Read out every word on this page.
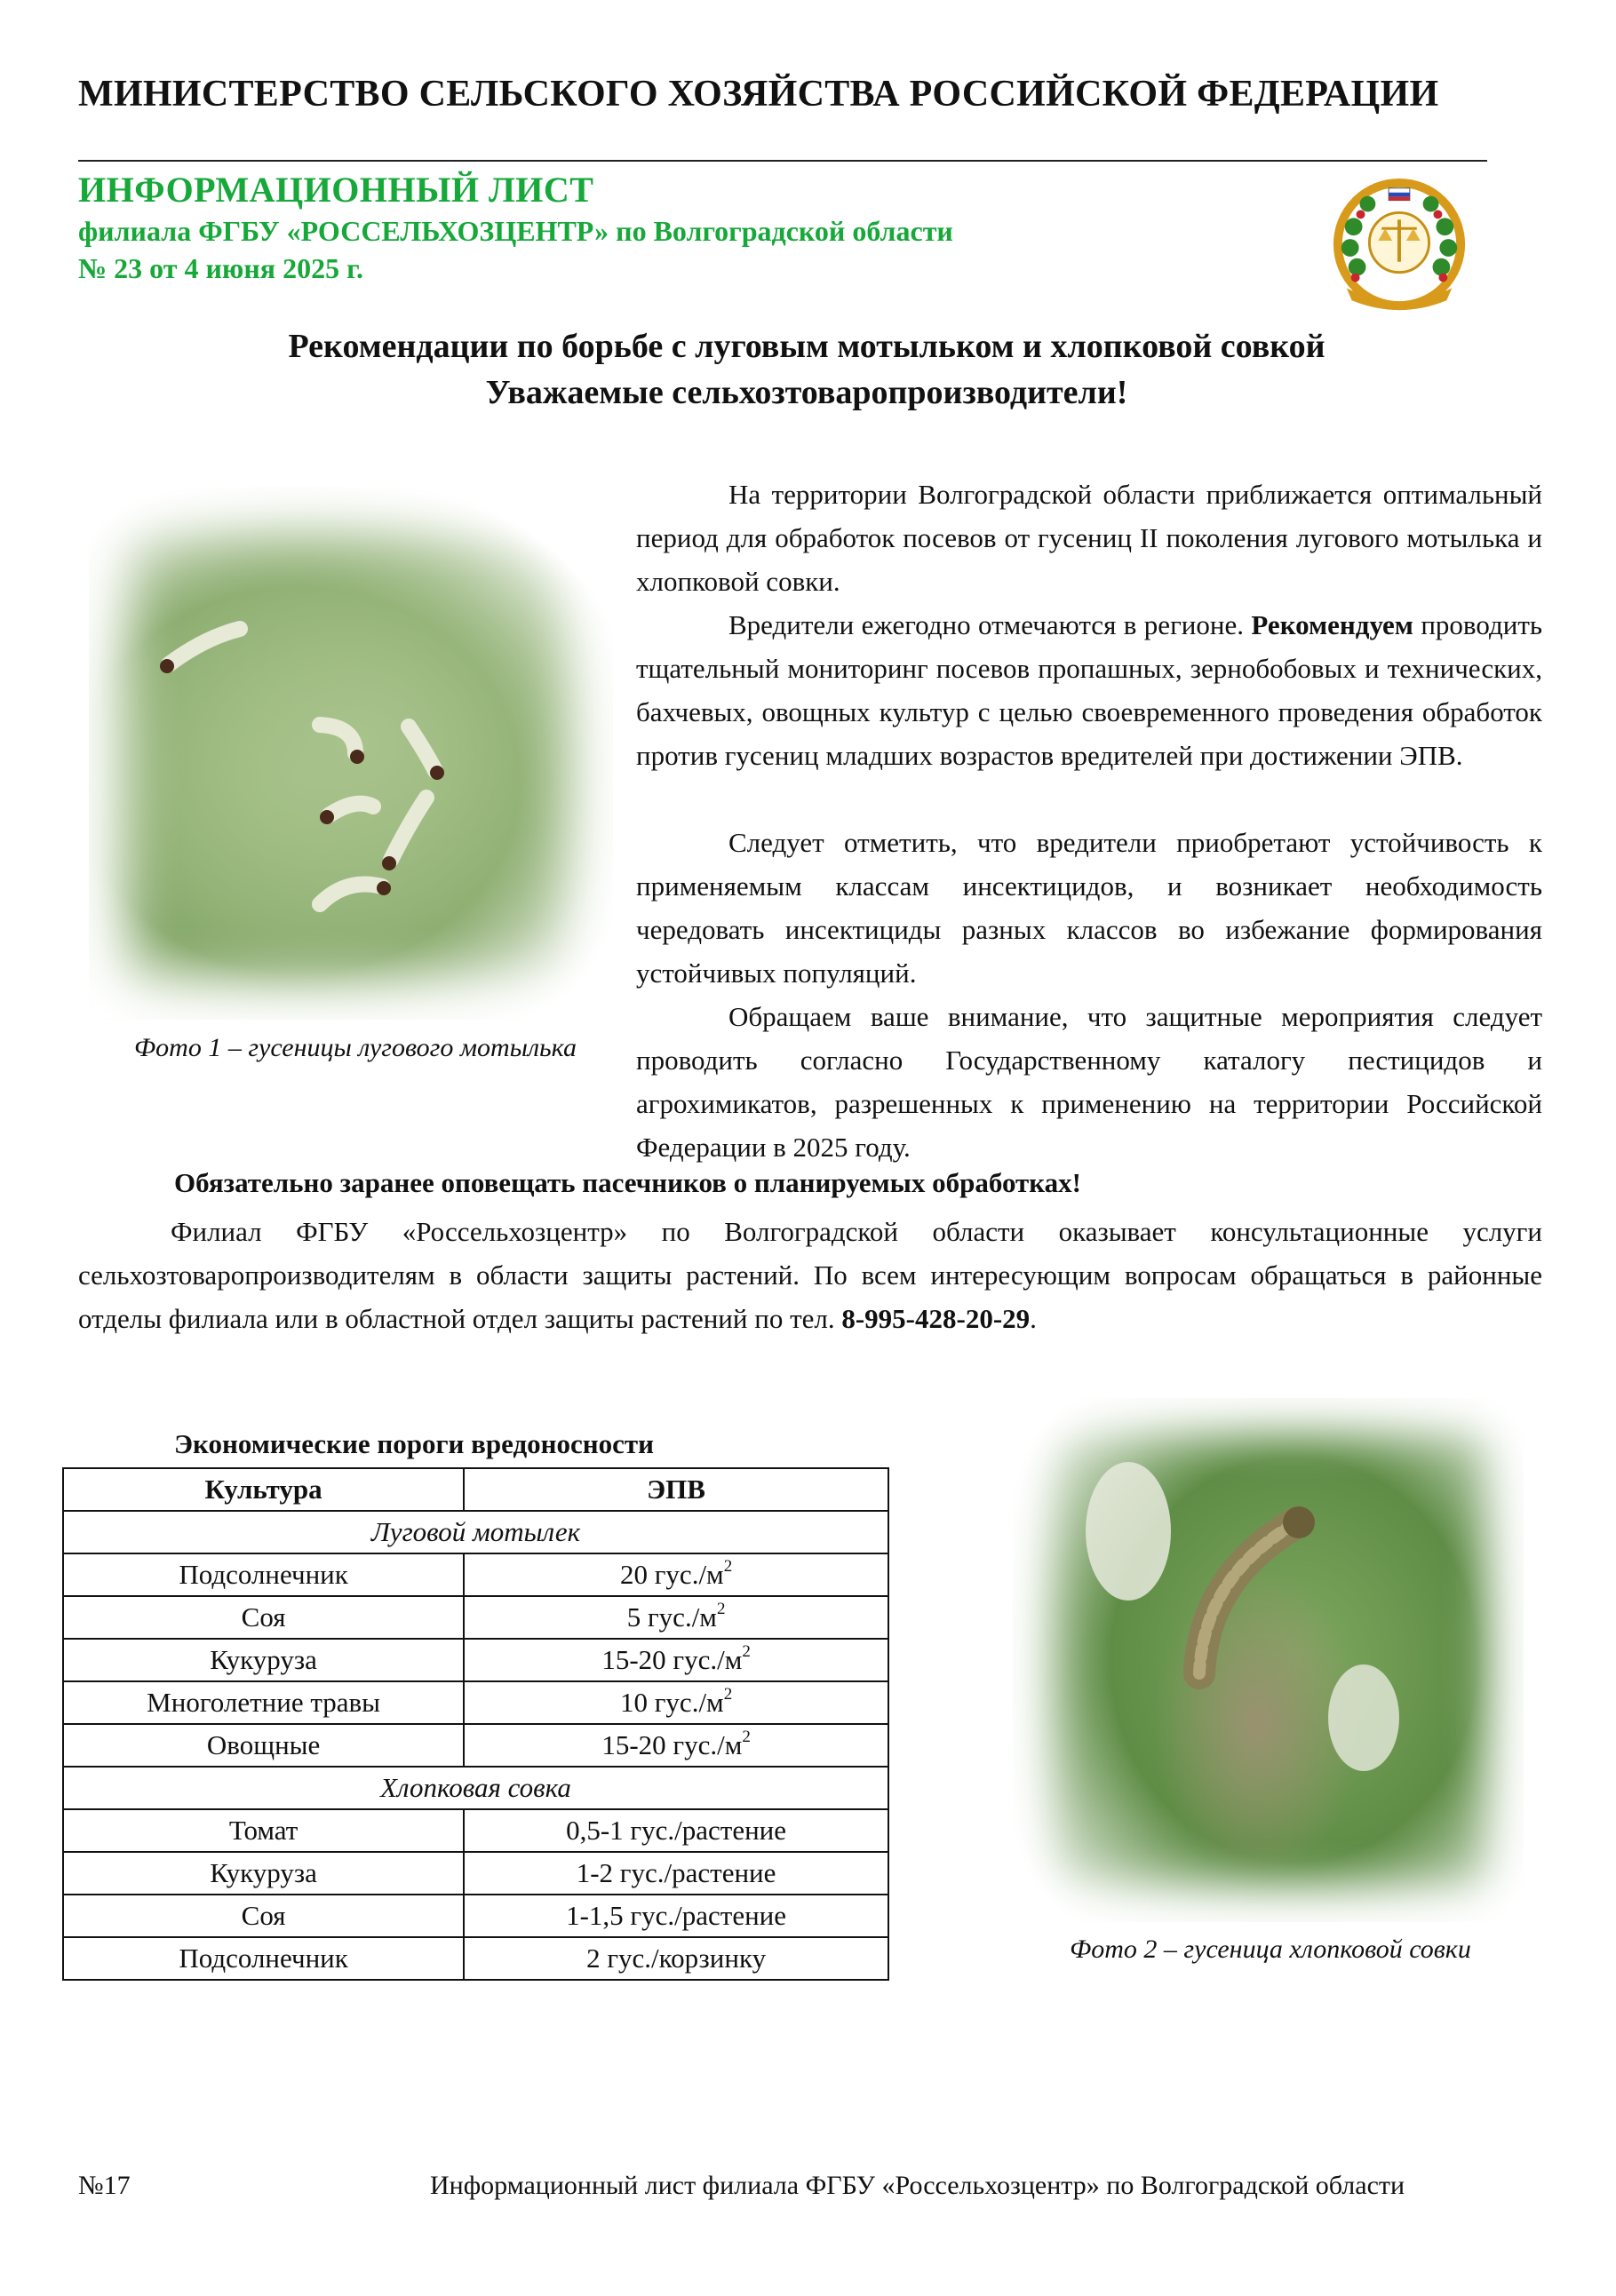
МИНИСТЕРСТВО СЕЛЬСКОГО ХОЗЯЙСТВА РОССИЙСКОЙ ФЕДЕРАЦИИ
ИНФОРМАЦИОННЫЙ ЛИСТ
филиала ФГБУ «РОССЕЛЬХОЗЦЕНТР» по Волгоградской области
№ 23 от 4 июня 2025 г.
Рекомендации по борьбе с луговым мотыльком и хлопковой совкой
Уважаемые сельхозтоваропроизводители!
Фото 1 – гусеницы лугового мотылька
На территории Волгоградской области приближается оптимальный период для обработок посевов от гусениц II поколения лугового мотылька и хлопковой совки.
Вредители ежегодно отмечаются в регионе. Рекомендуем проводить тщательный мониторинг посевов пропашных, зернобобовых и технических, бахчевых, овощных культур с целью своевременного проведения обработок против гусениц младших возрастов вредителей при достижении ЭПВ.
Следует отметить, что вредители приобретают устойчивость к применяемым классам инсектицидов, и возникает необходимость чередовать инсектициды разных классов во избежание формирования устойчивых популяций.
Обращаем ваше внимание, что защитные мероприятия следует проводить согласно Государственному каталогу пестицидов и агрохимикатов, разрешенных к применению на территории Российской Федерации в 2025 году.
Обязательно заранее оповещать пасечников о планируемых обработках!
Филиал ФГБУ «Россельхозцентр» по Волгоградской области оказывает консультационные услуги сельхозтоваропроизводителям в области защиты растений. По всем интересующим вопросам обращаться в районные отделы филиала или в областной отдел защиты растений по тел. 8-995-428-20-29.
Экономические пороги вредоносности
Культура	ЭПВ
Луговой мотылек	
Подсолнечник	20 $гус./м^2$
Соя	5 $гус./м^2$
Кукуруза	15-20 $гус./м^2$
Многолетние травы	10 $гус./м^2$
Овощные	15-20 $гус./м^2$
Хлопковая совка	
Томат	0,5-1 гус./растение
Кукуруза	1-2 гус./растение
Соя	1-1,5 гус./растение
Подсолнечник	2 гус./корзинку	Фото 2 – гусеница хлопковой совки
№17	Информационный лист филиала ФГБУ «Россельхозцентр» по Волгоградской области
